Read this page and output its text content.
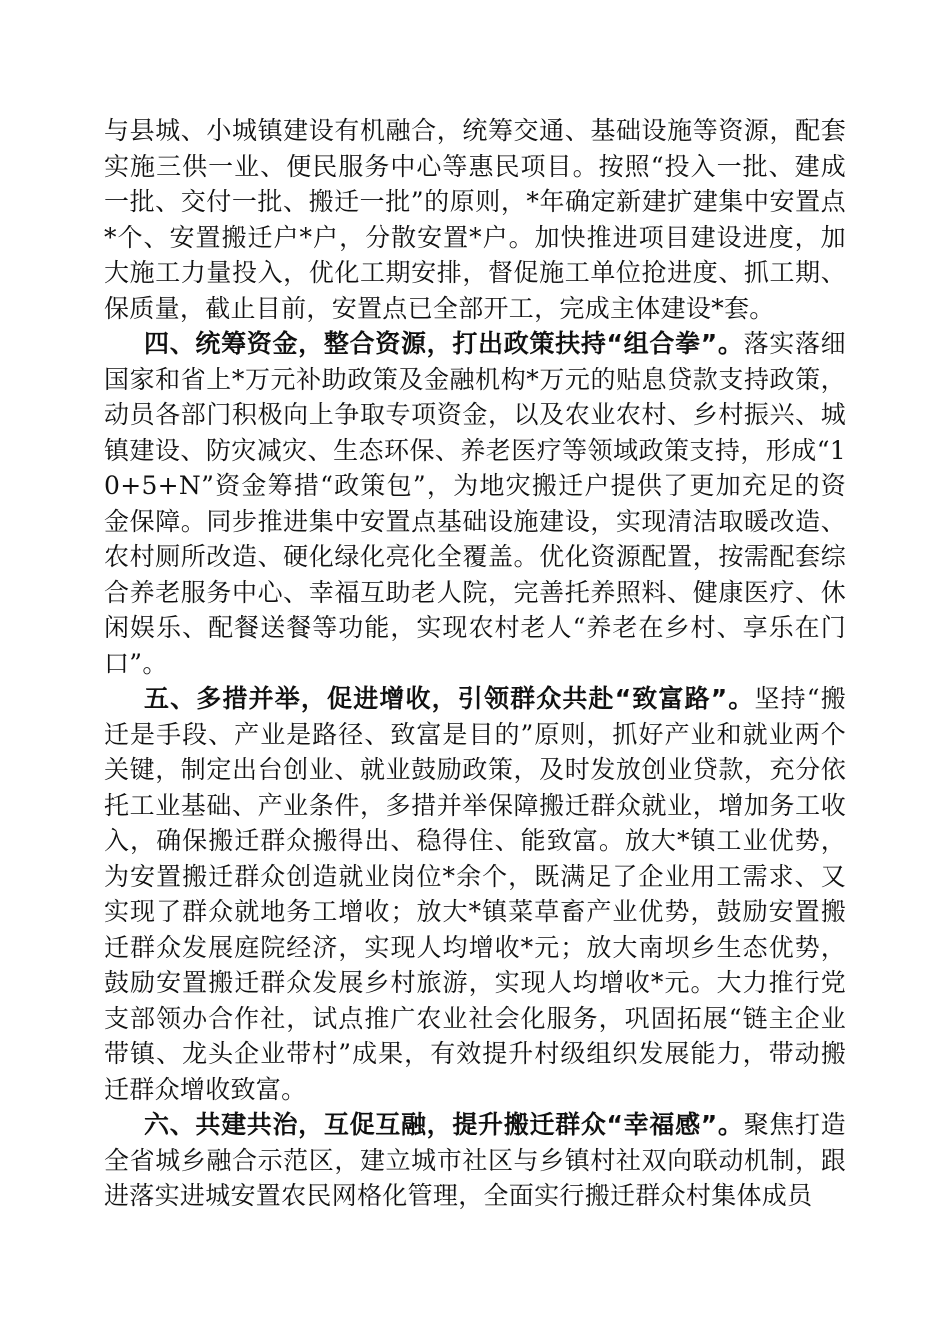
与县城、小城镇建设有机融合，统筹交通、基础设施等资源，配套实施三供一业、便民服务中心等惠民项目。按照“投入一批、建成一批、交付一批、搬迁一批”的原则，*年确定新建扩建集中安置点*个、安置搬迁户*户，分散安置*户。加快推进项目建设进度，加大施工力量投入，优化工期安排，督促施工单位抢进度、抓工期、保质量，截止目前，安置点已全部开工，完成主体建设*套。

四、统筹资金，整合资源，打出政策扶持“组合拳”。落实落细国家和省上*万元补助政策及金融机构*万元的贴息贷款支持政策，动员各部门积极向上争取专项资金，以及农业农村、乡村振兴、城镇建设、防灾减灾、生态环保、养老医疗等领域政策支持，形成“10+5+N”资金筹措“政策包”，为地灾搬迁户提供了更加充足的资金保障。同步推进集中安置点基础设施建设，实现清洁取暖改造、农村厕所改造、硬化绿化亮化全覆盖。优化资源配置，按需配套综合养老服务中心、幸福互助老人院，完善托养照料、健康医疗、休闲娱乐、配餐送餐等功能，实现农村老人“养老在乡村、享乐在门口”。

五、多措并举，促进增收，引领群众共赴“致富路”。坚持“搬迁是手段、产业是路径、致富是目的”原则，抓好产业和就业两个关键，制定出台创业、就业鼓励政策，及时发放创业贷款，充分依托工业基础、产业条件，多措并举保障搬迁群众就业，增加务工收入，确保搬迁群众搬得出、稳得住、能致富。放大*镇工业优势，为安置搬迁群众创造就业岗位*余个，既满足了企业用工需求、又实现了群众就地务工增收；放大*镇菜草畜产业优势，鼓励安置搬迁群众发展庭院经济，实现人均增收*元；放大南坝乡生态优势，鼓励安置搬迁群众发展乡村旅游，实现人均增收*元。大力推行党支部领办合作社，试点推广农业社会化服务，巩固拓展“链主企业带镇、龙头企业带村”成果，有效提升村级组织发展能力，带动搬迁群众增收致富。

六、共建共治，互促互融，提升搬迁群众“幸福感”。聚焦打造全省城乡融合示范区，建立城市社区与乡镇村社双向联动机制，跟进落实进城安置农民网格化管理，全面实行搬迁群众村集体成员
